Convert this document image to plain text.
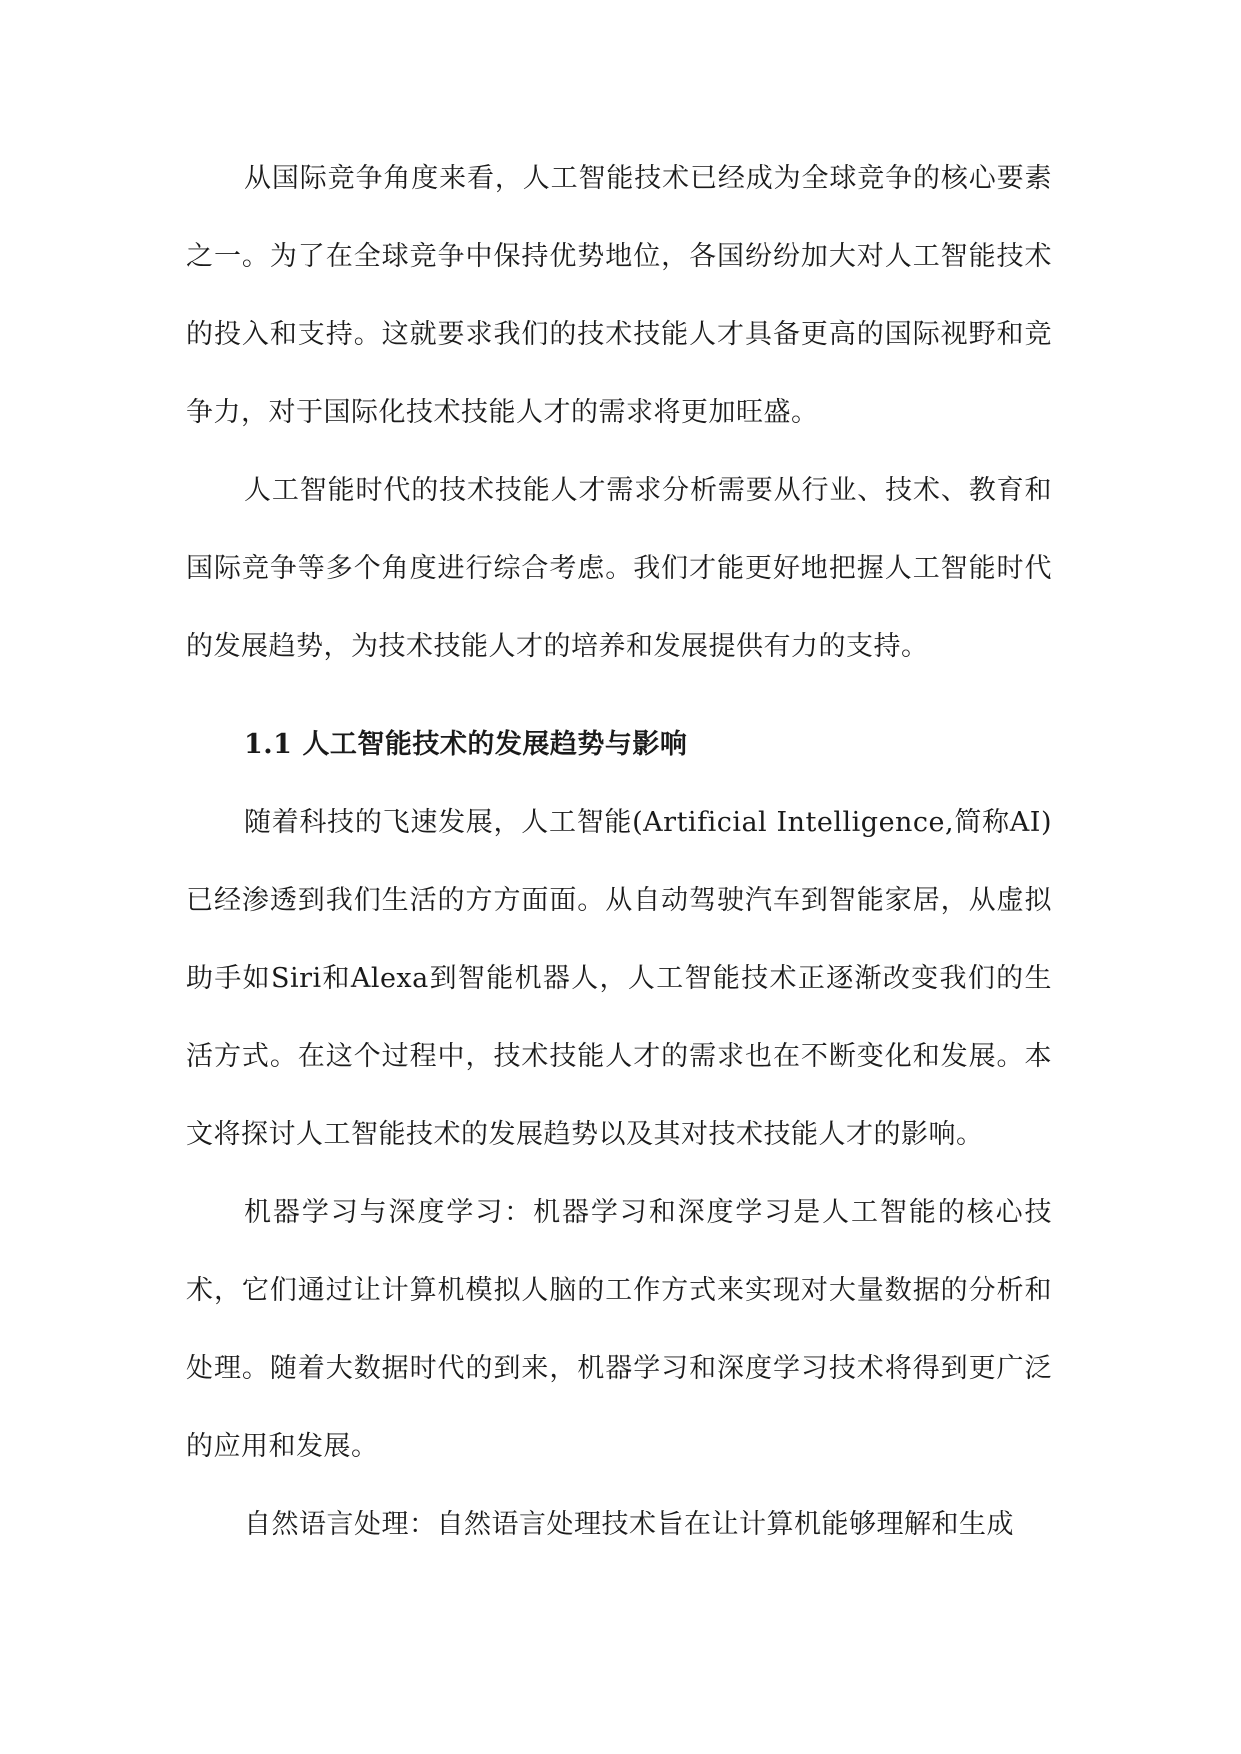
从国际竞争角度来看，人工智能技术已经成为全球竞争的核心要素之一。为了在全球竞争中保持优势地位，各国纷纷加大对人工智能技术的投入和支持。这就要求我们的技术技能人才具备更高的国际视野和竞争力，对于国际化技术技能人才的需求将更加旺盛。

人工智能时代的技术技能人才需求分析需要从行业、技术、教育和国际竞争等多个角度进行综合考虑。我们才能更好地把握人工智能时代的发展趋势，为技术技能人才的培养和发展提供有力的支持。

1.1 人工智能技术的发展趋势与影响

随着科技的飞速发展，人工智能(Artificial Intelligence,简称AI)已经渗透到我们生活的方方面面。从自动驾驶汽车到智能家居，从虚拟助手如Siri和Alexa到智能机器人，人工智能技术正逐渐改变我们的生活方式。在这个过程中，技术技能人才的需求也在不断变化和发展。本文将探讨人工智能技术的发展趋势以及其对技术技能人才的影响。

机器学习与深度学习：机器学习和深度学习是人工智能的核心技术，它们通过让计算机模拟人脑的工作方式来实现对大量数据的分析和处理。随着大数据时代的到来，机器学习和深度学习技术将得到更广泛的应用和发展。

自然语言处理：自然语言处理技术旨在让计算机能够理解和生成
